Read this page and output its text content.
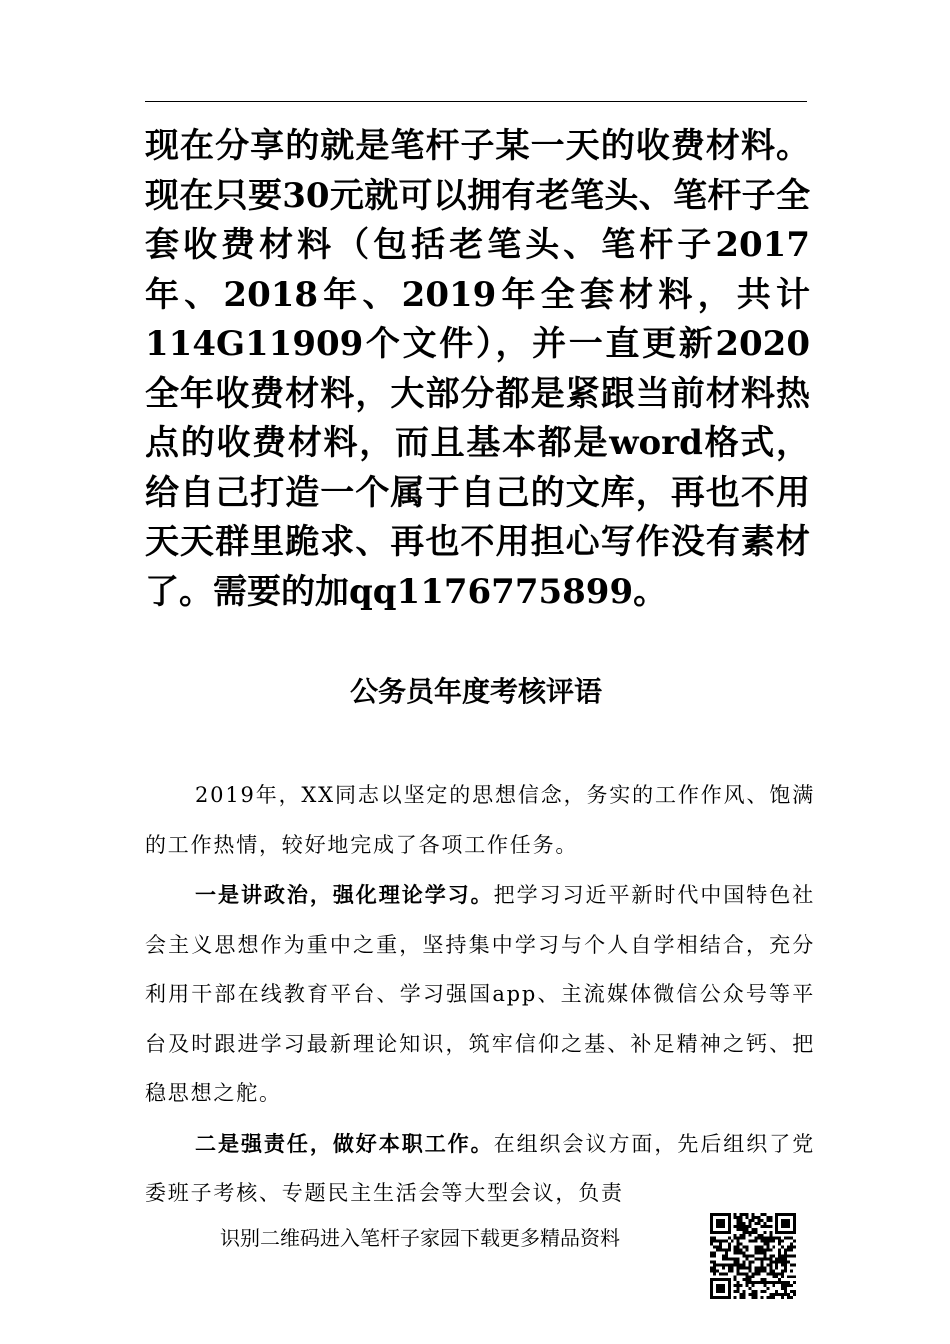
现在分享的就是笔杆子某一天的收费材料。现在只要30元就可以拥有老笔头、笔杆子全套收费材料（包括老笔头、笔杆子2017年、2018年、2019年全套材料，共计114G11909个文件），并一直更新2020全年收费材料，大部分都是紧跟当前材料热点的收费材料，而且基本都是word格式，给自己打造一个属于自己的文库，再也不用天天群里跪求、再也不用担心写作没有素材了。需要的加qq1176775899。

公务员年度考核评语

2019年，XX同志以坚定的思想信念，务实的工作作风、饱满的工作热情，较好地完成了各项工作任务。

一是讲政治，强化理论学习。把学习习近平新时代中国特色社会主义思想作为重中之重，坚持集中学习与个人自学相结合，充分利用干部在线教育平台、学习强国app、主流媒体微信公众号等平台及时跟进学习最新理论知识，筑牢信仰之基、补足精神之钙、把稳思想之舵。

二是强责任，做好本职工作。在组织会议方面，先后组织了党委班子考核、专题民主生活会等大型会议，负责

识别二维码进入笔杆子家园下载更多精品资料
